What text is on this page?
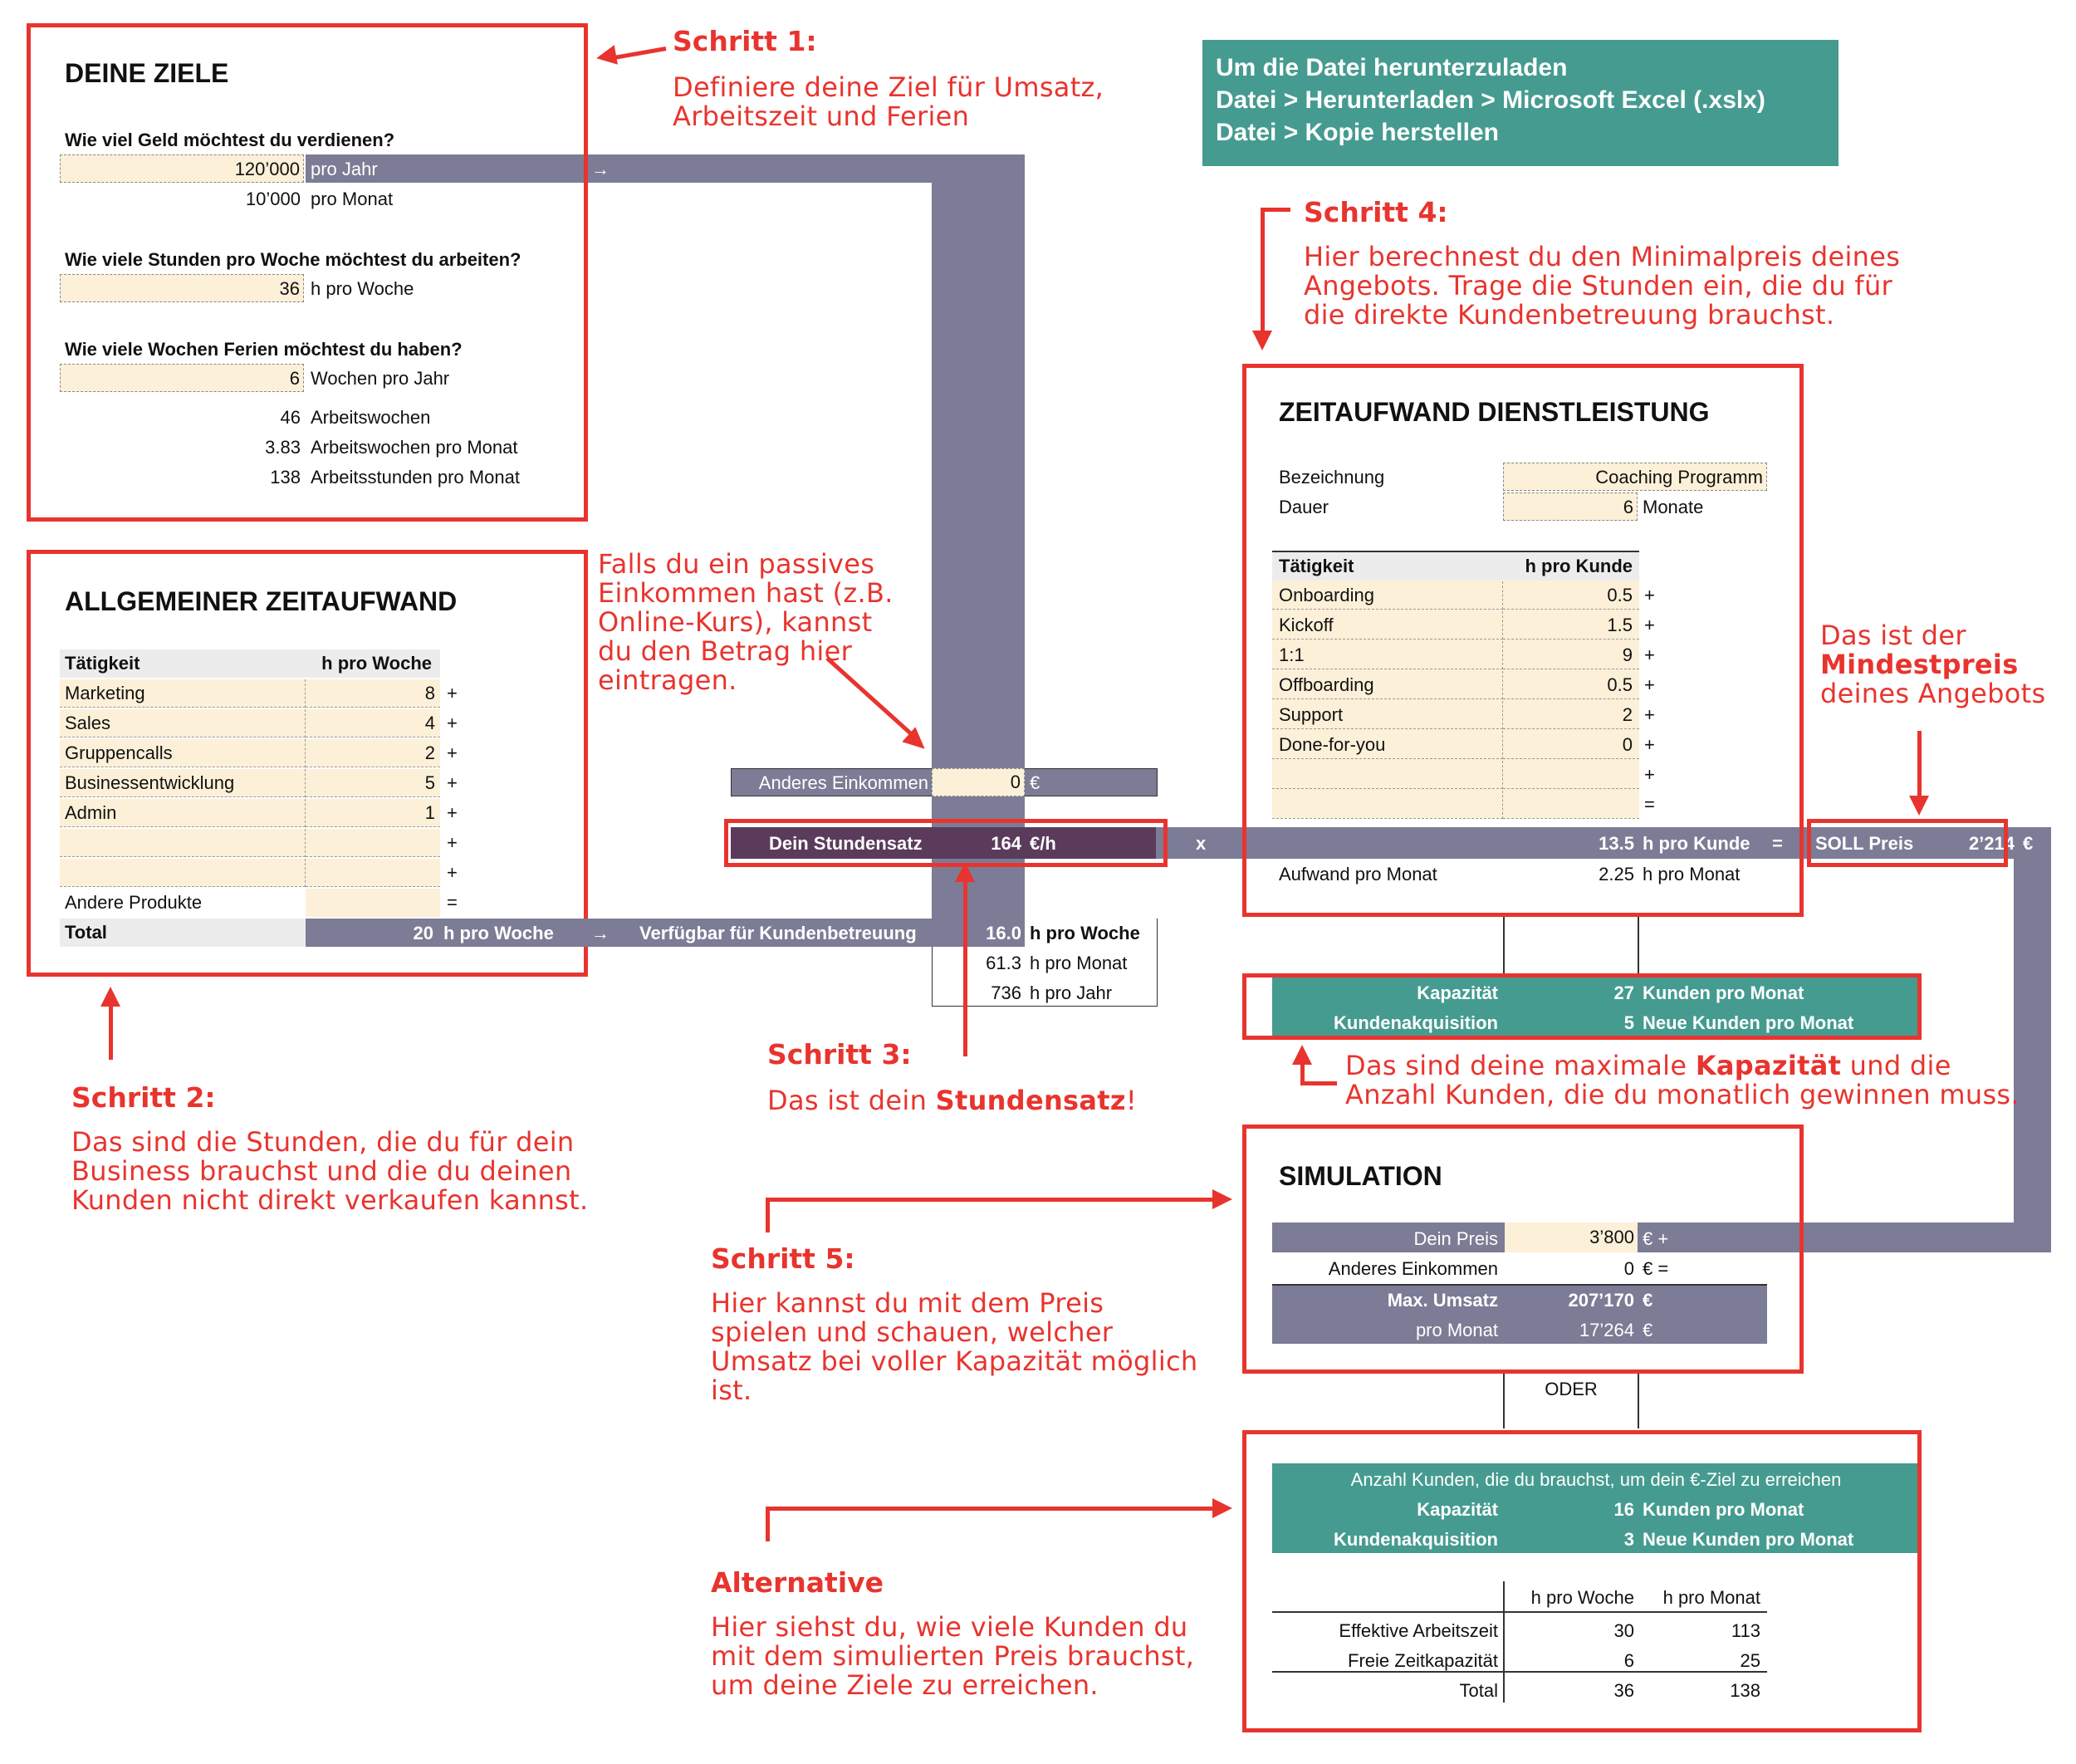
Um die Datei herunterzuladen
Datei > Herunterladen > Microsoft Excel (.xslx)
Datei > Kopie herstellen
DEINE ZIELE
Wie viel Geld möchtest du verdienen?
120’000 pro Jahr	→
10’000 pro Monat
Wie viele Stunden pro Woche möchtest du arbeiten?
36 h pro Woche
Wie viele Wochen Ferien möchtest du haben?
6 Wochen pro Jahr
46 Arbeitswochen
3.83 Arbeitswochen pro Monat
138 Arbeitsstunden pro Monat
ALLGEMEINER ZEITAUFWAND
Tätigkeit	h pro Woche
Marketing	8 +
Sales	4 +
Gruppencalls	2 +
Businessentwicklung	5 +
Admin	1 +
+
+
Andere Produkte	=
Total	20 h pro Woche → Verfügbar für Kundenbetreuung	16.0 h pro Woche
61.3 h pro Monat
736 h pro Jahr
Anderes Einkommen	0 €
Dein Stundensatz	164 €/h	x
ZEITAUFWAND DIENSTLEISTUNG
Bezeichnung	Coaching Programm
Dauer	6 Monate
Tätigkeit	h pro Kunde
Onboarding	0.5 +
Kickoff	1.5 +
1:1	9 +
Offboarding	0.5 +
Support	2 +
Done-for-you	0 +
+
=
13.5 h pro Kunde =
Aufwand pro Monat	2.25 h pro Monat
SOLL Preis	2’214 €
Kapazität	27 Kunden pro Monat
Kundenakquisition	5 Neue Kunden pro Monat
SIMULATION
Dein Preis	3’800 € +
Anderes Einkommen	0 € =
Max. Umsatz	207’170 €
pro Monat	17’264 €
ODER
Anzahl Kunden, die du brauchst, um dein €-Ziel zu erreichen
Kapazität	16 Kunden pro Monat
Kundenakquisition	3 Neue Kunden pro Monat
h pro Woche	h pro Monat
Effektive Arbeitszeit	30	113
Freie Zeitkapazität	6	25
Total	36	138
Schritt 1:
Definiere deine Ziel für Umsatz, Arbeitszeit und Ferien
Schritt 2:
Das sind die Stunden, die du für dein Business brauchst und die du deinen Kunden nicht direkt verkaufen kannst.
Schritt 3:
Das ist dein Stundensatz!
Schritt 4:
Hier berechnest du den Minimalpreis deines Angebots. Trage die Stunden ein, die du für die direkte Kundenbetreuung brauchst.
Falls du ein passives Einkommen hast (z.B. Online-Kurs), kannst du den Betrag hier eintragen.
Das ist der
Mindestpreis
deines Angebots
Das sind deine maximale Kapazität und die
Anzahl Kunden, die du monatlich gewinnen muss.
Schritt 5:
Hier kannst du mit dem Preis spielen und schauen, welcher Umsatz bei voller Kapazität möglich ist.
Alternative
Hier siehst du, wie viele Kunden du mit dem simulierten Preis brauchst, um deine Ziele zu erreichen.
